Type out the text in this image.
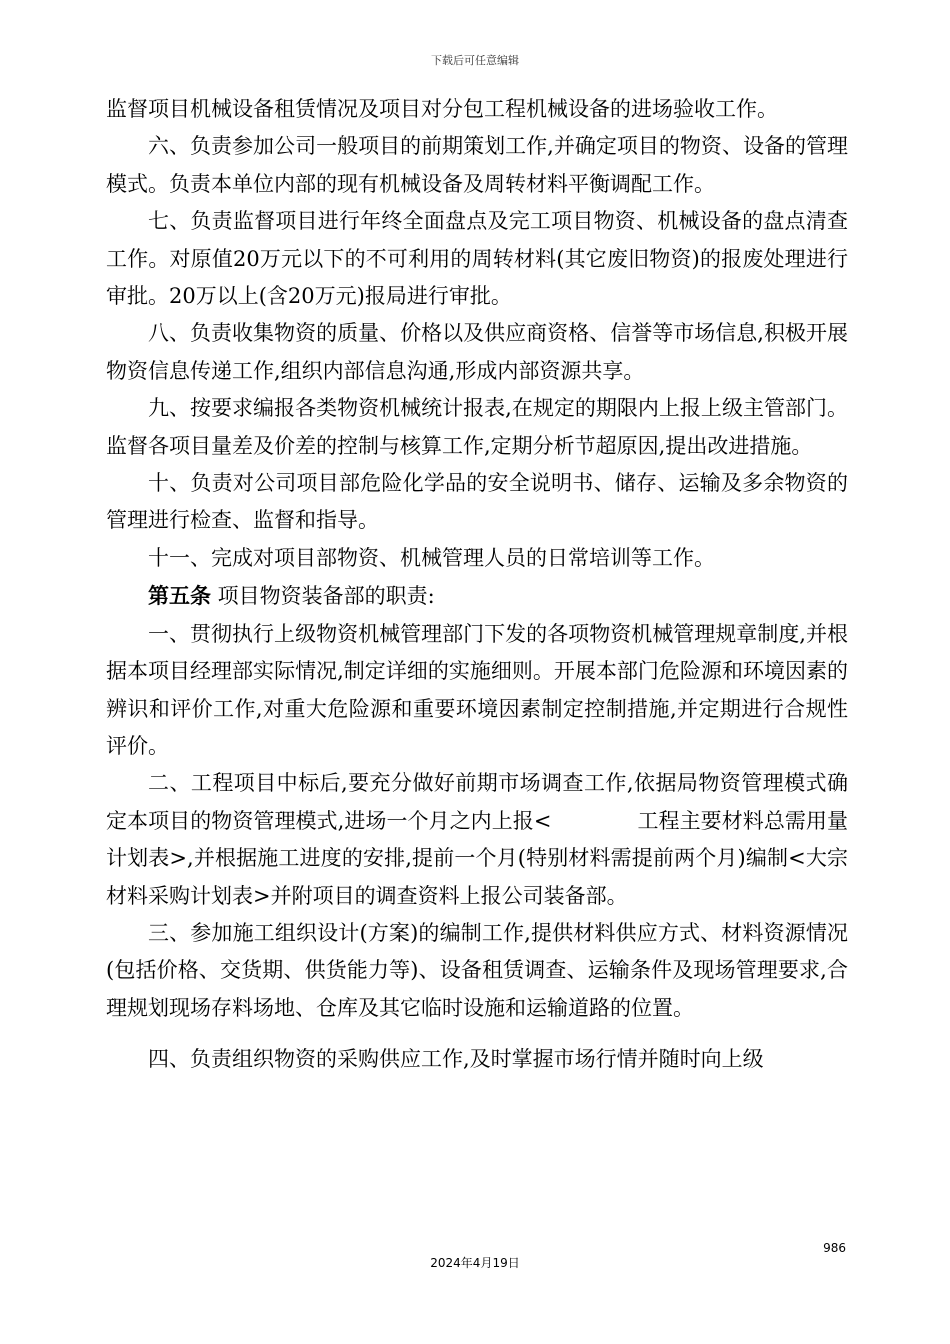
下载后可任意编辑

监督项目机械设备租赁情况及项目对分包工程机械设备的进场验收工作。

六、负责参加公司一般项目的前期策划工作,并确定项目的物资、设备的管理模式。负责本单位内部的现有机械设备及周转材料平衡调配工作。

七、负责监督项目进行年终全面盘点及完工项目物资、机械设备的盘点清查工作。对原值20万元以下的不可利用的周转材料(其它废旧物资)的报废处理进行审批。20万以上(含20万元)报局进行审批。

八、负责收集物资的质量、价格以及供应商资格、信誉等市场信息,积极开展物资信息传递工作,组织内部信息沟通,形成内部资源共享。

九、按要求编报各类物资机械统计报表,在规定的期限内上报上级主管部门。监督各项目量差及价差的控制与核算工作,定期分析节超原因,提出改进措施。

十、负责对公司项目部危险化学品的安全说明书、储存、运输及多余物资的管理进行检查、监督和指导。

十一、完成对项目部物资、机械管理人员的日常培训等工作。

第五条 项目物资装备部的职责:

一、贯彻执行上级物资机械管理部门下发的各项物资机械管理规章制度,并根据本项目经理部实际情况,制定详细的实施细则。开展本部门危险源和环境因素的辨识和评价工作,对重大危险源和重要环境因素制定控制措施,并定期进行合规性评价。

二、工程项目中标后,要充分做好前期市场调查工作,依据局物资管理模式确定本项目的物资管理模式,进场一个月之内上报<	工程主要材料总需用量计划表>,并根据施工进度的安排,提前一个月(特别材料需提前两个月)编制<大宗材料采购计划表>并附项目的调查资料上报公司装备部。

三、参加施工组织设计(方案)的编制工作,提供材料供应方式、材料资源情况(包括价格、交货期、供货能力等)、设备租赁调查、运输条件及现场管理要求,合理规划现场存料场地、仓库及其它临时设施和运输道路的位置。

四、负责组织物资的采购供应工作,及时掌握市场行情并随时向上级

986
2024年4月19日
